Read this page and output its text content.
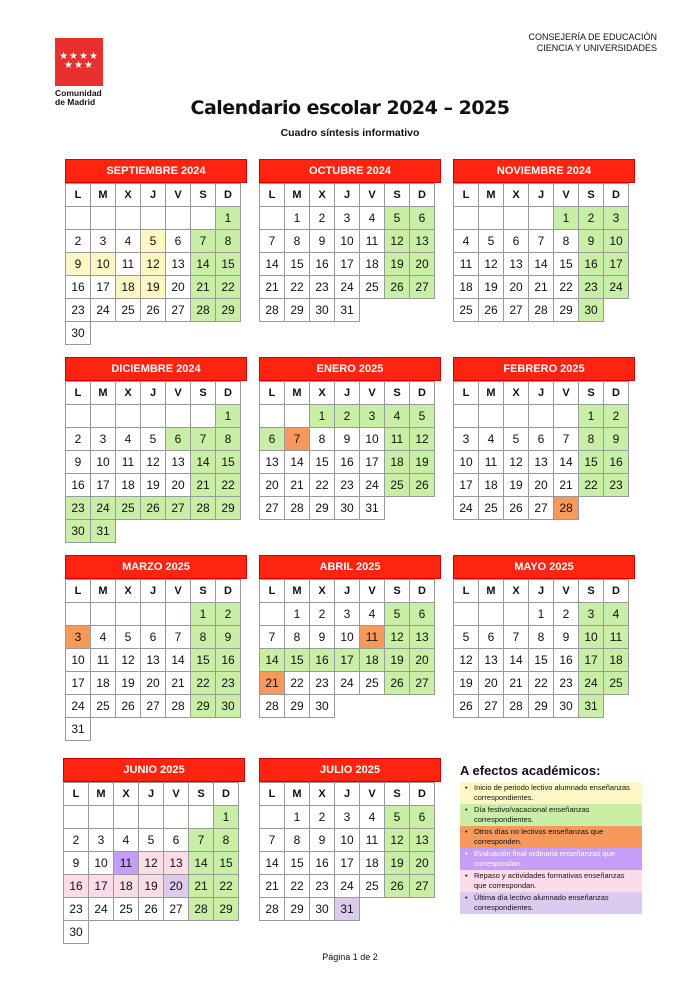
★★★★
★★★
Comunidad
de Madrid
CONSEJERÍA DE EDUCACIÓN
CIENCIA Y UNIVERSIDADES
Calendario escolar 2024 – 2025
Cuadro síntesis informativo
SEPTIEMBRE 2024
L	M	X	J	V	S	D
						1
2	3	4	5	6	7	8
9	10	11	12	13	14	15
16	17	18	19	20	21	22
23	24	25	26	27	28	29
30						
OCTUBRE 2024
L	M	X	J	V	S	D
	1	2	3	4	5	6
7	8	9	10	11	12	13
14	15	16	17	18	19	20
21	22	23	24	25	26	27
28	29	30	31			
NOVIEMBRE 2024
L	M	X	J	V	S	D
				1	2	3
4	5	6	7	8	9	10
11	12	13	14	15	16	17
18	19	20	21	22	23	24
25	26	27	28	29	30	
DICIEMBRE 2024
L	M	X	J	V	S	D
						1
2	3	4	5	6	7	8
9	10	11	12	13	14	15
16	17	18	19	20	21	22
23	24	25	26	27	28	29
30	31					
ENERO 2025
L	M	X	J	V	S	D
		1	2	3	4	5
6	7	8	9	10	11	12
13	14	15	16	17	18	19
20	21	22	23	24	25	26
27	28	29	30	31		
FEBRERO 2025
L	M	X	J	V	S	D
					1	2
3	4	5	6	7	8	9
10	11	12	13	14	15	16
17	18	19	20	21	22	23
24	25	26	27	28		
MARZO 2025
L	M	X	J	V	S	D
					1	2
3	4	5	6	7	8	9
10	11	12	13	14	15	16
17	18	19	20	21	22	23
24	25	26	27	28	29	30
31						
ABRIL 2025
L	M	X	J	V	S	D
	1	2	3	4	5	6
7	8	9	10	11	12	13
14	15	16	17	18	19	20
21	22	23	24	25	26	27
28	29	30				
MAYO 2025
L	M	X	J	V	S	D
			1	2	3	4
5	6	7	8	9	10	11
12	13	14	15	16	17	18
19	20	21	22	23	24	25
26	27	28	29	30	31	
JUNIO 2025
L	M	X	J	V	S	D
						1
2	3	4	5	6	7	8
9	10	11	12	13	14	15
16	17	18	19	20	21	22
23	24	25	26	27	28	29
30						
JULIO 2025
L	M	X	J	V	S	D
	1	2	3	4	5	6
7	8	9	10	11	12	13
14	15	16	17	18	19	20
21	22	23	24	25	26	27
28	29	30	31			
A efectos académicos:
• Inicio de periodo lectivo alumnado enseñanzas correspondientes.
• Día festivo/vacacional enseñanzas correspondientes.
• Otros días no lectivos enseñanzas que corresponden.
• Evaluación final ordinaria enseñanzas que correspondan.
• Repaso y actividades formativas enseñanzas que correspondan.
• Última día lectivo alumnado enseñanzas correspondientes.
Página 1 de 2
